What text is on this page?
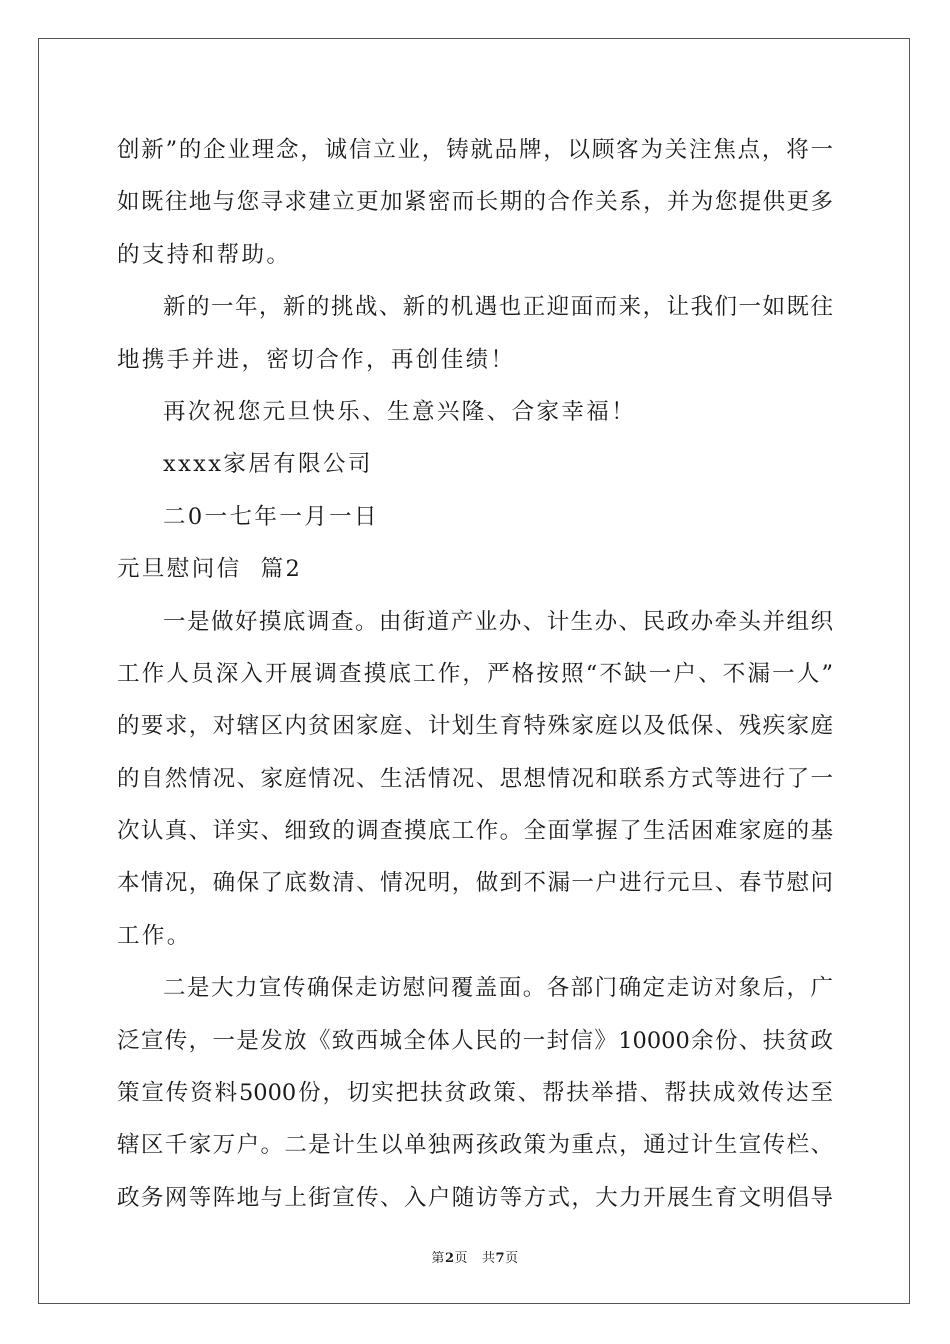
创新”的企业理念，诚信立业，铸就品牌，以顾客为关注焦点，将一
如既往地与您寻求建立更加紧密而长期的合作关系，并为您提供更多
的支持和帮助。
新的一年，新的挑战、新的机遇也正迎面而来，让我们一如既往
地携手并进，密切合作，再创佳绩！
再次祝您元旦快乐、生意兴隆、合家幸福！
xxxx家居有限公司
二0一七年一月一日
元旦慰问信  篇2
一是做好摸底调查。由街道产业办、计生办、民政办牵头并组织
工作人员深入开展调查摸底工作，严格按照“不缺一户、不漏一人”
的要求，对辖区内贫困家庭、计划生育特殊家庭以及低保、残疾家庭
的自然情况、家庭情况、生活情况、思想情况和联系方式等进行了一
次认真、详实、细致的调查摸底工作。全面掌握了生活困难家庭的基
本情况，确保了底数清、情况明，做到不漏一户进行元旦、春节慰问
工作。
二是大力宣传确保走访慰问覆盖面。各部门确定走访对象后，广
泛宣传，一是发放《致西城全体人民的一封信》10000余份、扶贫政
策宣传资料5000份，切实把扶贫政策、帮扶举措、帮扶成效传达至
辖区千家万户。二是计生以单独两孩政策为重点，通过计生宣传栏、
政务网等阵地与上街宣传、入户随访等方式，大力开展生育文明倡导
第2页 共7页
